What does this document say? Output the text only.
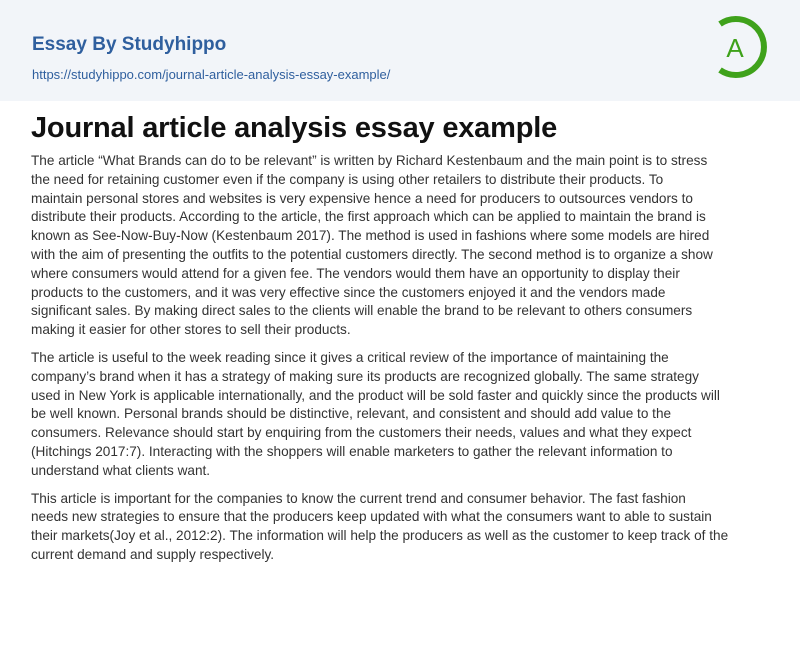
Essay By Studyhippo
https://studyhippo.com/journal-article-analysis-essay-example/
A
Journal article analysis essay example

The article “What Brands can do to be relevant” is written by Richard Kestenbaum and the main point is to stress
the need for retaining customer even if the company is using other retailers to distribute their products. To
maintain personal stores and websites is very expensive hence a need for producers to outsources vendors to
distribute their products. According to the article, the first approach which can be applied to maintain the brand is
known as See-Now-Buy-Now (Kestenbaum 2017). The method is used in fashions where some models are hired
with the aim of presenting the outfits to the potential customers directly. The second method is to organize a show
where consumers would attend for a given fee. The vendors would them have an opportunity to display their
products to the customers, and it was very effective since the customers enjoyed it and the vendors made
significant sales. By making direct sales to the clients will enable the brand to be relevant to others consumers
making it easier for other stores to sell their products.

The article is useful to the week reading since it gives a critical review of the importance of maintaining the
company’s brand when it has a strategy of making sure its products are recognized globally. The same strategy
used in New York is applicable internationally, and the product will be sold faster and quickly since the products will
be well known. Personal brands should be distinctive, relevant, and consistent and should add value to the
consumers. Relevance should start by enquiring from the customers their needs, values and what they expect
(Hitchings 2017:7). Interacting with the shoppers will enable marketers to gather the relevant information to
understand what clients want.

This article is important for the companies to know the current trend and consumer behavior. The fast fashion
needs new strategies to ensure that the producers keep updated with what the consumers want to able to sustain
their markets(Joy et al., 2012:2). The information will help the producers as well as the customer to keep track of the
current demand and supply respectively.
